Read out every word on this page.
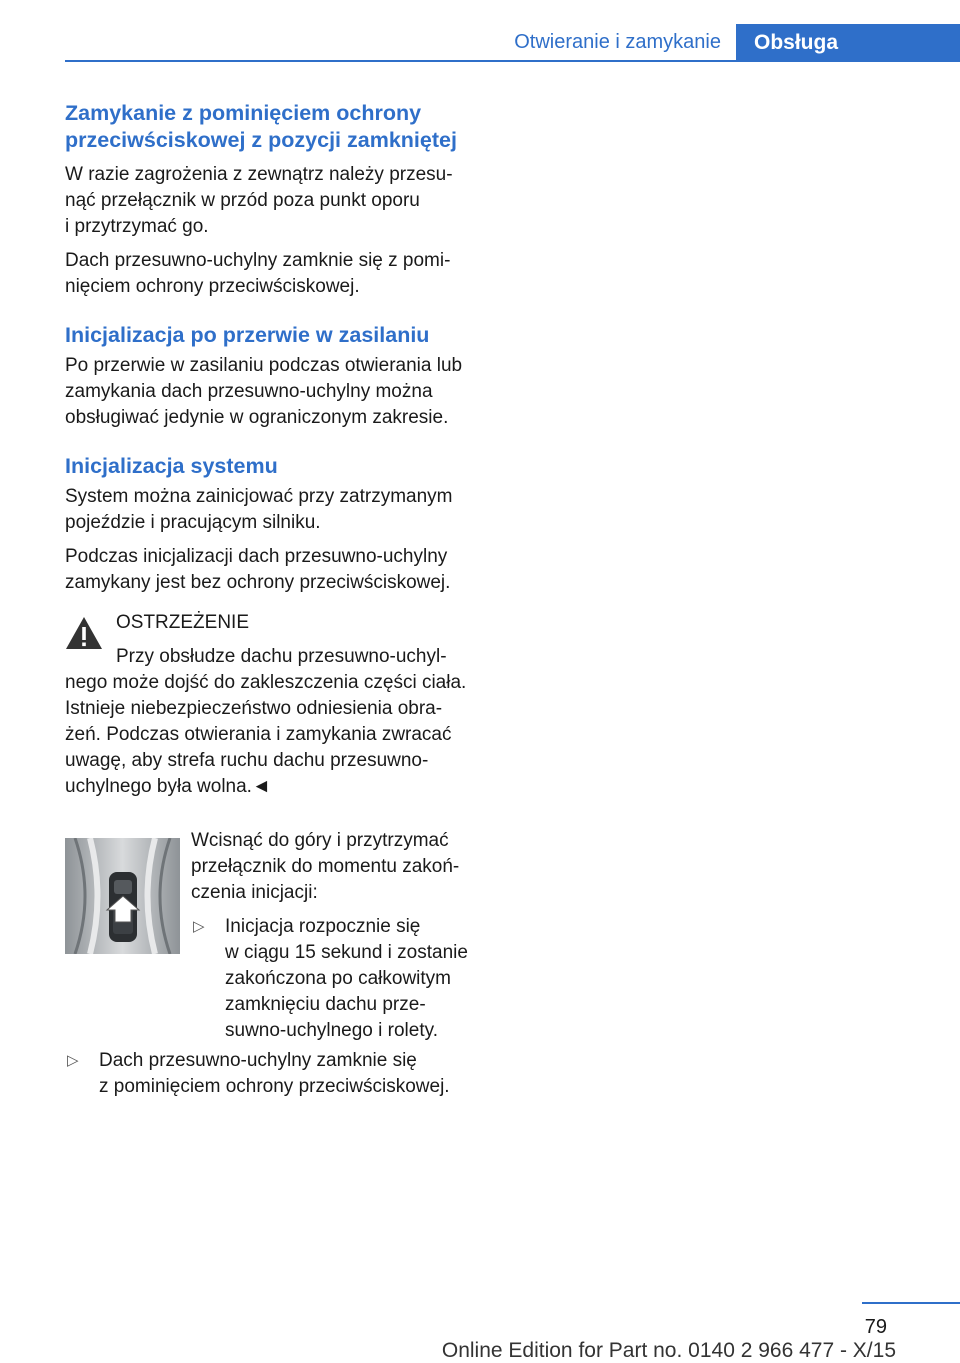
Otwieranie i zamykanie	Obsługa
Zamykanie z pominięciem ochrony
przeciwściskowej z pozycji zamkniętej

W razie zagrożenia z zewnątrz należy przesu‐
nąć przełącznik w przód poza punkt oporu
i przytrzymać go.

Dach przesuwno-uchylny zamknie się z pomi‐
nięciem ochrony przeciwściskowej.

Inicjalizacja po przerwie w zasilaniu

Po przerwie w zasilaniu podczas otwierania lub
zamykania dach przesuwno-uchylny można
obsługiwać jedynie w ograniczonym zakresie.

Inicjalizacja systemu

System można zainicjować przy zatrzymanym
pojeździe i pracującym silniku.

Podczas inicjalizacji dach przesuwno-uchylny
zamykany jest bez ochrony przeciwściskowej.

OSTRZEŻENIE
Przy obsłudze dachu przesuwno-uchyl‐
nego może dojść do zakleszczenia części ciała.
Istnieje niebezpieczeństwo odniesienia obra‐
żeń. Podczas otwierania i zamykania zwracać
uwagę, aby strefa ruchu dachu przesuwno-
uchylnego była wolna.◄

Wcisnąć do góry i przytrzymać
przełącznik do momentu zakoń‐
czenia inicjacji:

▷ Inicjacja rozpocznie się
w ciągu 15 sekund i zostanie
zakończona po całkowitym
zamknięciu dachu prze‐
suwno-uchylnego i rolety.
▷ Dach przesuwno-uchylny zamknie się
z pominięciem ochrony przeciwściskowej.
79
Online Edition for Part no. 0140 2 966 477 - X/15
